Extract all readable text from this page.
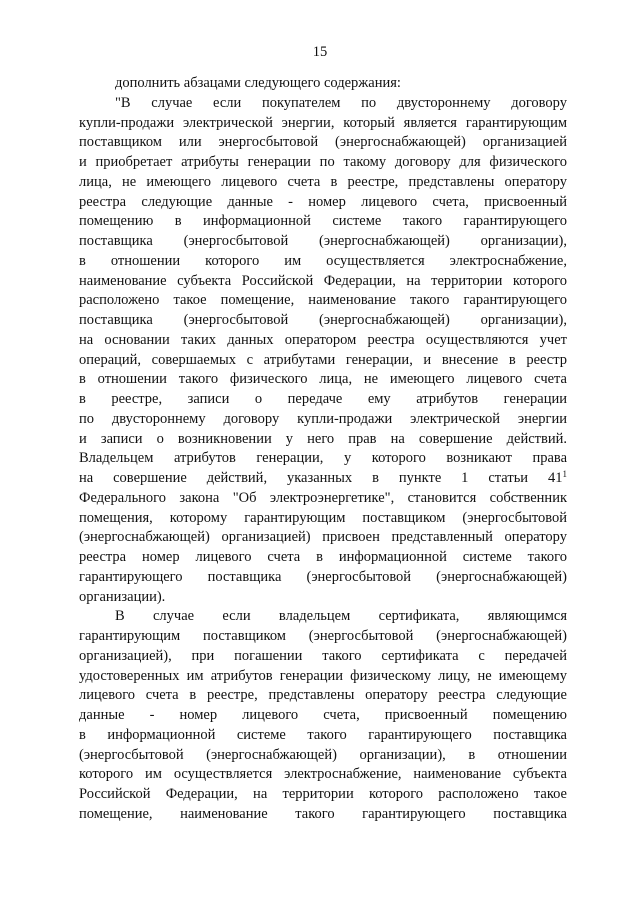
15
дополнить абзацами следующего содержания:
"В случае если покупателем по двустороннему договору
купли-продажи электрической энергии, который является гарантирующим
поставщиком или энергосбытовой (энергоснабжающей) организацией
и приобретает атрибуты генерации по такому договору для физического
лица, не имеющего лицевого счета в реестре, представлены оператору
реестра следующие данные - номер лицевого счета, присвоенный
помещению в информационной системе такого гарантирующего
поставщика (энергосбытовой (энергоснабжающей) организации),
в отношении которого им осуществляется электроснабжение,
наименование субъекта Российской Федерации, на территории которого
расположено такое помещение, наименование такого гарантирующего
поставщика (энергосбытовой (энергоснабжающей) организации),
на основании таких данных оператором реестра осуществляются учет
операций, совершаемых с атрибутами генерации, и внесение в реестр
в отношении такого физического лица, не имеющего лицевого счета
в реестре, записи о передаче ему атрибутов генерации
по двустороннему договору купли-продажи электрической энергии
и записи о возникновении у него прав на совершение действий.
Владельцем атрибутов генерации, у которого возникают права
на совершение действий, указанных в пункте 1 статьи $41^1$
Федерального закона "Об электроэнергетике", становится собственник
помещения, которому гарантирующим поставщиком (энергосбытовой
(энергоснабжающей) организацией) присвоен представленный оператору
реестра номер лицевого счета в информационной системе такого
гарантирующего поставщика (энергосбытовой (энергоснабжающей)
организации).
В случае если владельцем сертификата, являющимся
гарантирующим поставщиком (энергосбытовой (энергоснабжающей)
организацией), при погашении такого сертификата с передачей
удостоверенных им атрибутов генерации физическому лицу, не имеющему
лицевого счета в реестре, представлены оператору реестра следующие
данные - номер лицевого счета, присвоенный помещению
в информационной системе такого гарантирующего поставщика
(энергосбытовой (энергоснабжающей) организации), в отношении
которого им осуществляется электроснабжение, наименование субъекта
Российской Федерации, на территории которого расположено такое
помещение, наименование такого гарантирующего поставщика
